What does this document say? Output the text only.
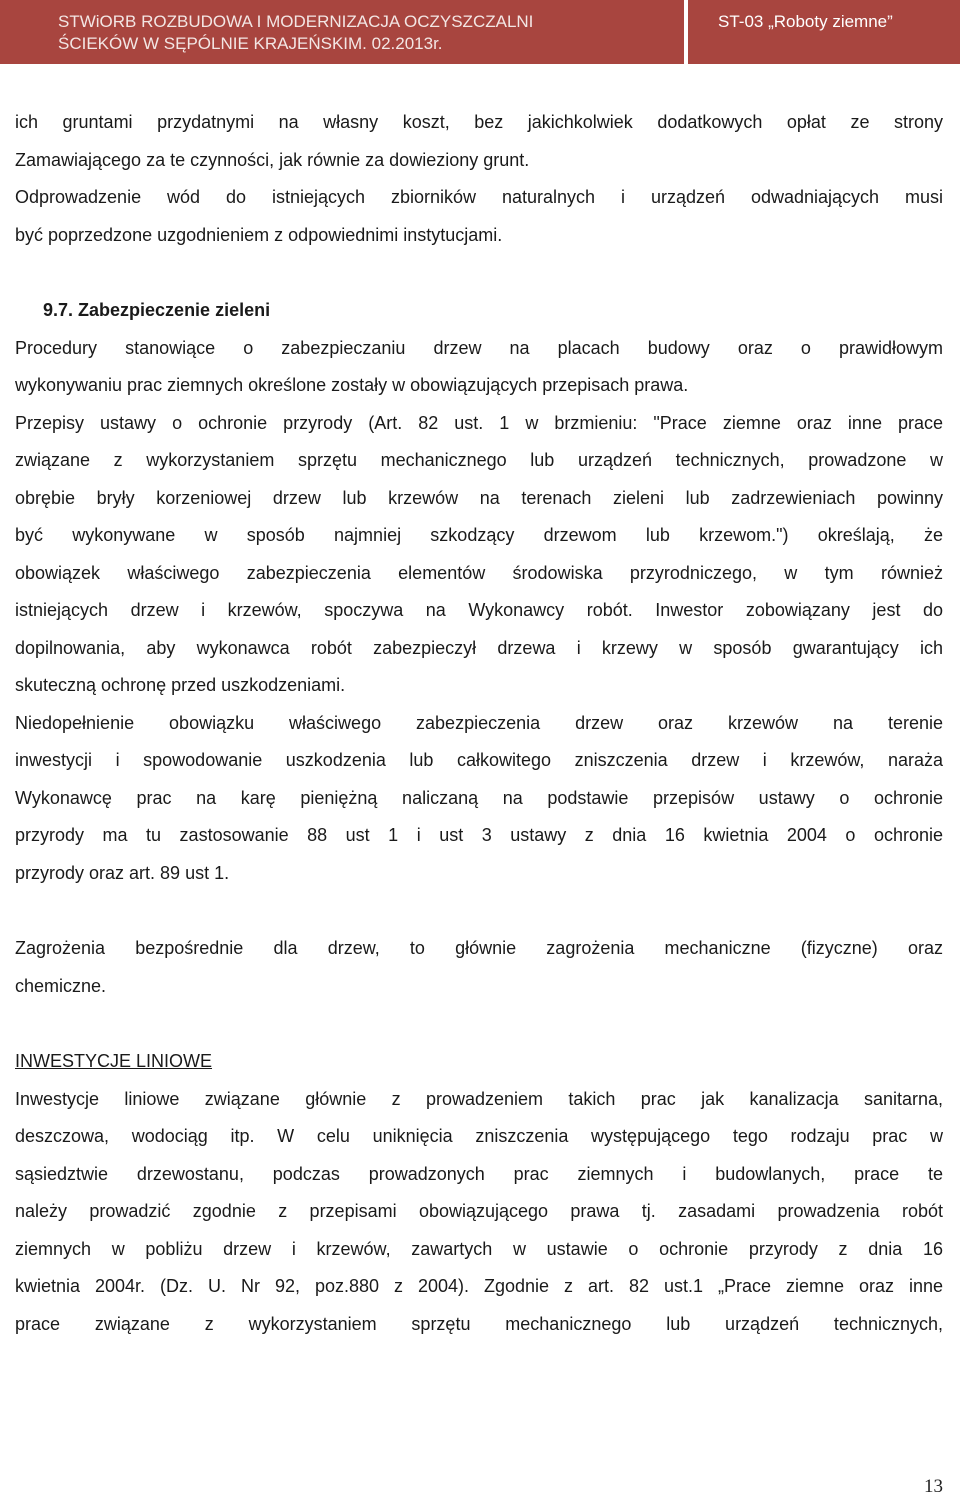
STWiORB ROZBUDOWA I MODERNIZACJA OCZYSZCZALNI
ŚCIEKÓW W SĘPÓLNIE KRAJEŃSKIM. 02.2013r.
ST-03 „Roboty ziemne”

ich gruntami przydatnymi na własny koszt, bez jakichkolwiek dodatkowych opłat ze strony
Zamawiającego za te czynności, jak równie za dowieziony grunt.
Odprowadzenie wód do istniejących zbiorników naturalnych i urządzeń odwadniających musi
być poprzedzone uzgodnieniem z odpowiednimi instytucjami.

9.7. Zabezpieczenie zieleni

Procedury stanowiące o zabezpieczaniu drzew na placach budowy oraz o prawidłowym
wykonywaniu prac ziemnych określone zostały w obowiązujących przepisach prawa.

Przepisy ustawy o ochronie przyrody (Art. 82 ust. 1 w brzmieniu: "Prace ziemne oraz inne prace
związane z wykorzystaniem sprzętu mechanicznego lub urządzeń technicznych, prowadzone w
obrębie bryły korzeniowej drzew lub krzewów na terenach zieleni lub zadrzewieniach powinny
być wykonywane w sposób najmniej szkodzący drzewom lub krzewom.") określają, że
obowiązek właściwego zabezpieczenia elementów środowiska przyrodniczego, w tym również
istniejących drzew i krzewów, spoczywa na Wykonawcy robót. Inwestor zobowiązany jest do
dopilnowania, aby wykonawca robót zabezpieczył drzewa i krzewy w sposób gwarantujący ich
skuteczną ochronę przed uszkodzeniami.

Niedopełnienie obowiązku właściwego zabezpieczenia drzew oraz krzewów na terenie
inwestycji i spowodowanie uszkodzenia lub całkowitego zniszczenia drzew i krzewów, naraża
Wykonawcę prac na karę pieniężną naliczaną na podstawie przepisów ustawy o ochronie
przyrody ma tu zastosowanie 88 ust 1 i ust 3 ustawy z dnia 16 kwietnia 2004 o ochronie
przyrody oraz art. 89 ust 1.

Zagrożenia bezpośrednie dla drzew, to głównie zagrożenia mechaniczne (fizyczne) oraz
chemiczne.

INWESTYCJE LINIOWE

Inwestycje liniowe związane głównie z prowadzeniem takich prac jak kanalizacja sanitarna,
deszczowa, wodociąg itp. W celu uniknięcia zniszczenia występującego tego rodzaju prac w
sąsiedztwie drzewostanu, podczas prowadzonych prac ziemnych i budowlanych, prace te
należy prowadzić zgodnie z przepisami obowiązującego prawa tj. zasadami prowadzenia robót
ziemnych w pobliżu drzew i krzewów, zawartych w ustawie o ochronie przyrody z dnia 16
kwietnia 2004r. (Dz. U. Nr 92, poz.880 z 2004). Zgodnie z art. 82 ust.1 „Prace ziemne oraz inne
prace związane z wykorzystaniem sprzętu mechanicznego lub urządzeń technicznych,

13
